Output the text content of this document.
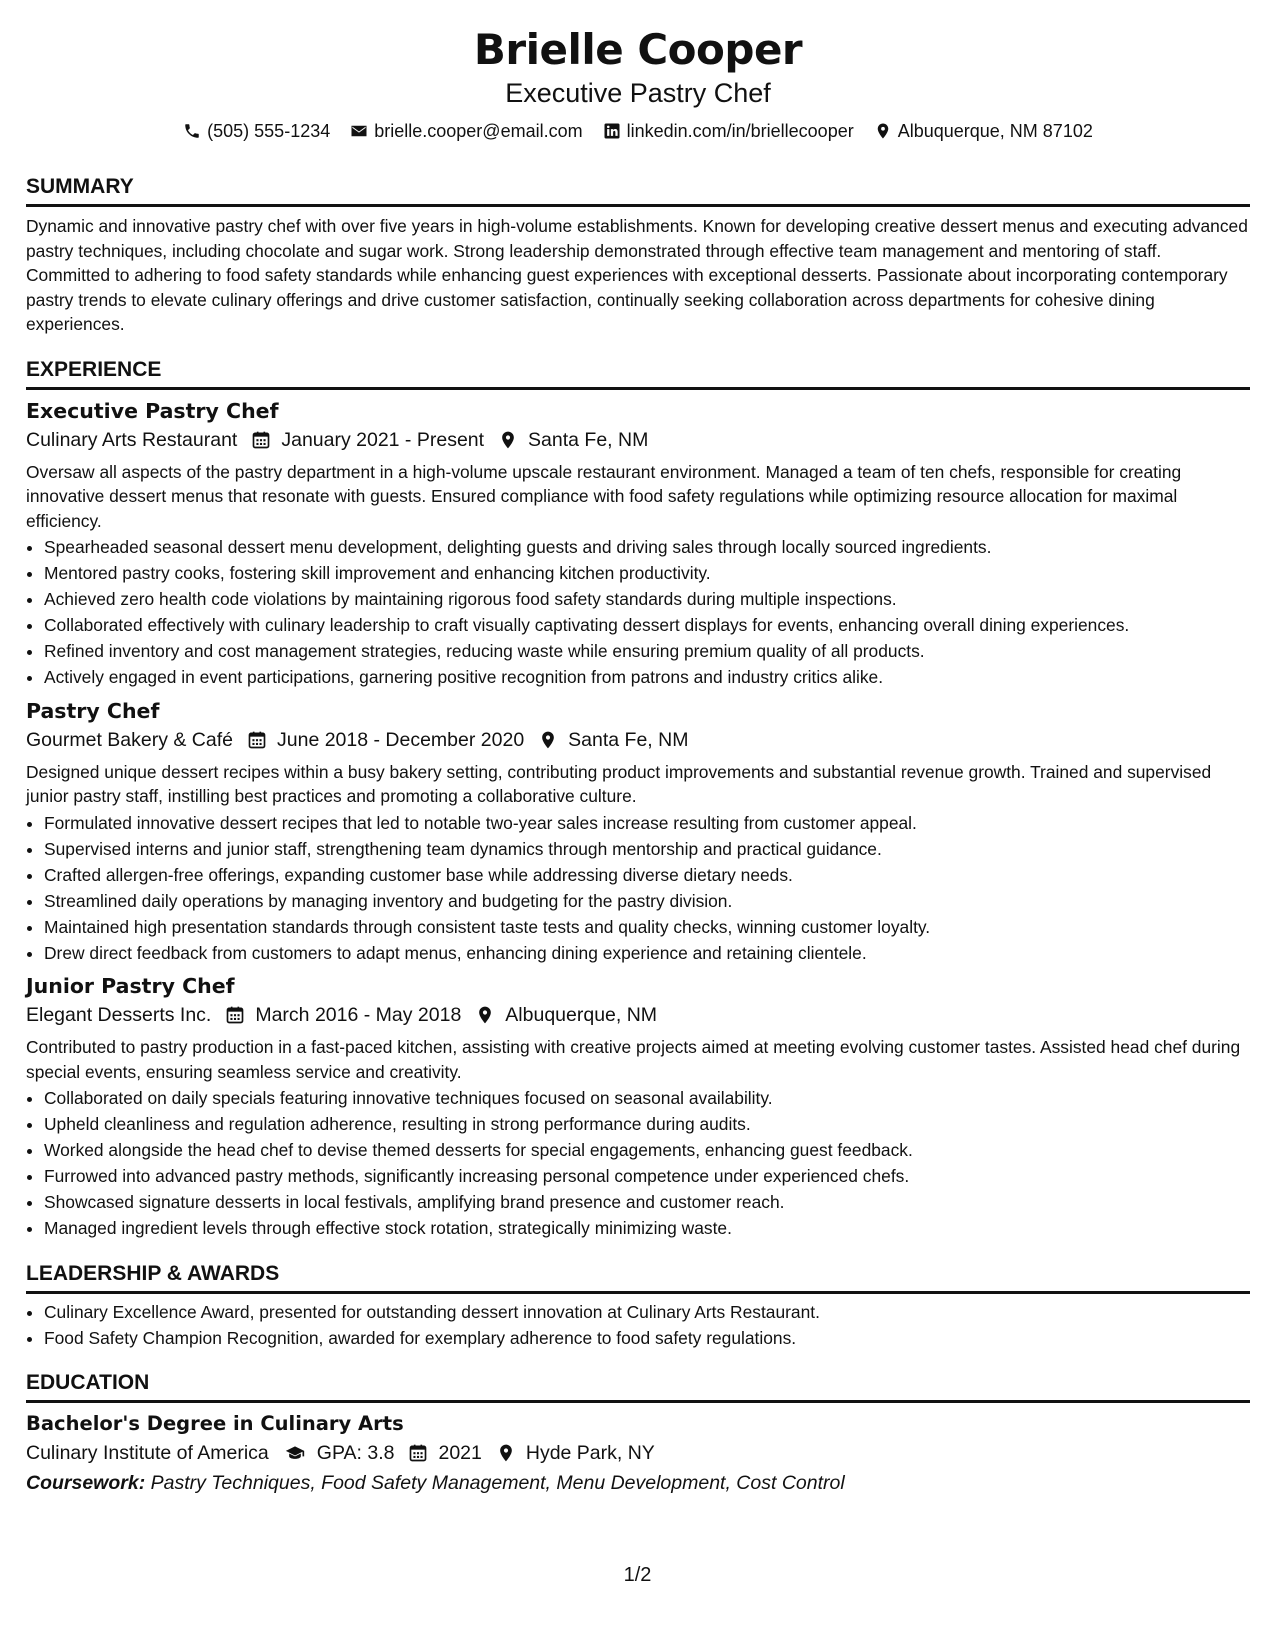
Brielle Cooper
Executive Pastry Chef
(505) 555-1234 brielle.cooper@email.com linkedin.com/in/briellecooper Albuquerque, NM 87102
SUMMARY
Dynamic and innovative pastry chef with over five years in high-volume establishments. Known for developing creative dessert menus and executing advanced pastry techniques, including chocolate and sugar work. Strong leadership demonstrated through effective team management and mentoring of staff. Committed to adhering to food safety standards while enhancing guest experiences with exceptional desserts. Passionate about incorporating contemporary pastry trends to elevate culinary offerings and drive customer satisfaction, continually seeking collaboration across departments for cohesive dining experiences.
EXPERIENCE
Executive Pastry Chef
Culinary Arts Restaurant January 2021 - Present Santa Fe, NM
Oversaw all aspects of the pastry department in a high-volume upscale restaurant environment. Managed a team of ten chefs, responsible for creating innovative dessert menus that resonate with guests. Ensured compliance with food safety regulations while optimizing resource allocation for maximal efficiency.
• Spearheaded seasonal dessert menu development, delighting guests and driving sales through locally sourced ingredients.
• Mentored pastry cooks, fostering skill improvement and enhancing kitchen productivity.
• Achieved zero health code violations by maintaining rigorous food safety standards during multiple inspections.
• Collaborated effectively with culinary leadership to craft visually captivating dessert displays for events, enhancing overall dining experiences.
• Refined inventory and cost management strategies, reducing waste while ensuring premium quality of all products.
• Actively engaged in event participations, garnering positive recognition from patrons and industry critics alike.
Pastry Chef
Gourmet Bakery & Café June 2018 - December 2020 Santa Fe, NM
Designed unique dessert recipes within a busy bakery setting, contributing product improvements and substantial revenue growth. Trained and supervised junior pastry staff, instilling best practices and promoting a collaborative culture.
• Formulated innovative dessert recipes that led to notable two-year sales increase resulting from customer appeal.
• Supervised interns and junior staff, strengthening team dynamics through mentorship and practical guidance.
• Crafted allergen-free offerings, expanding customer base while addressing diverse dietary needs.
• Streamlined daily operations by managing inventory and budgeting for the pastry division.
• Maintained high presentation standards through consistent taste tests and quality checks, winning customer loyalty.
• Drew direct feedback from customers to adapt menus, enhancing dining experience and retaining clientele.
Junior Pastry Chef
Elegant Desserts Inc. March 2016 - May 2018 Albuquerque, NM
Contributed to pastry production in a fast-paced kitchen, assisting with creative projects aimed at meeting evolving customer tastes. Assisted head chef during special events, ensuring seamless service and creativity.
• Collaborated on daily specials featuring innovative techniques focused on seasonal availability.
• Upheld cleanliness and regulation adherence, resulting in strong performance during audits.
• Worked alongside the head chef to devise themed desserts for special engagements, enhancing guest feedback.
• Furrowed into advanced pastry methods, significantly increasing personal competence under experienced chefs.
• Showcased signature desserts in local festivals, amplifying brand presence and customer reach.
• Managed ingredient levels through effective stock rotation, strategically minimizing waste.
LEADERSHIP & AWARDS
• Culinary Excellence Award, presented for outstanding dessert innovation at Culinary Arts Restaurant.
• Food Safety Champion Recognition, awarded for exemplary adherence to food safety regulations.
EDUCATION
Bachelor's Degree in Culinary Arts
Culinary Institute of America GPA: 3.8 2021 Hyde Park, NY
Coursework: Pastry Techniques, Food Safety Management, Menu Development, Cost Control
1/2
